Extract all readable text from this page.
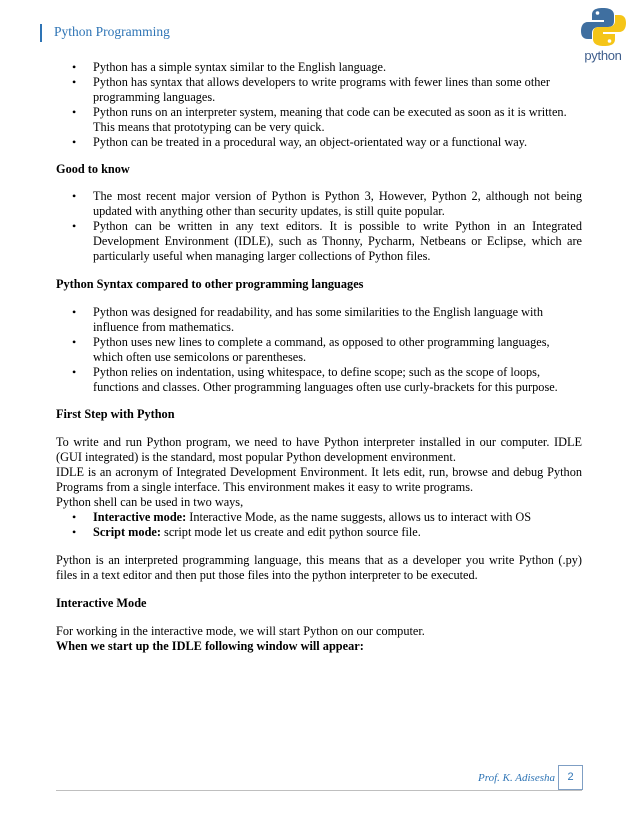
Python Programming
python
• Python has a simple syntax similar to the English language.
• Python has syntax that allows developers to write programs with fewer lines than some other programming languages.
• Python runs on an interpreter system, meaning that code can be executed as soon as it is written. This means that prototyping can be very quick.
• Python can be treated in a procedural way, an object-orientated way or a functional way.

Good to know

• The most recent major version of Python is Python 3, However, Python 2, although not being updated with anything other than security updates, is still quite popular.
• Python can be written in any text editors. It is possible to write Python in an Integrated Development Environment (IDLE), such as Thonny, Pycharm, Netbeans or Eclipse, which are particularly useful when managing larger collections of Python files.

Python Syntax compared to other programming languages

• Python was designed for readability, and has some similarities to the English language with influence from mathematics.
• Python uses new lines to complete a command, as opposed to other programming languages, which often use semicolons or parentheses.
• Python relies on indentation, using whitespace, to define scope; such as the scope of loops, functions and classes. Other programming languages often use curly-brackets for this purpose.

First Step with Python

To write and run Python program, we need to have Python interpreter installed in our computer. IDLE (GUI integrated) is the standard, most popular Python development environment.

IDLE is an acronym of Integrated Development Environment. It lets edit, run, browse and debug Python Programs from a single interface. This environment makes it easy to write programs.

Python shell can be used in two ways,

• Interactive mode: Interactive Mode, as the name suggests, allows us to interact with OS
• Script mode: script mode let us create and edit python source file.

Python is an interpreted programming language, this means that as a developer you write Python (.py) files in a text editor and then put those files into the python interpreter to be executed.

Interactive Mode

For working in the interactive mode, we will start Python on our computer.

When we start up the IDLE following window will appear:

Prof. K. Adisesha	2
